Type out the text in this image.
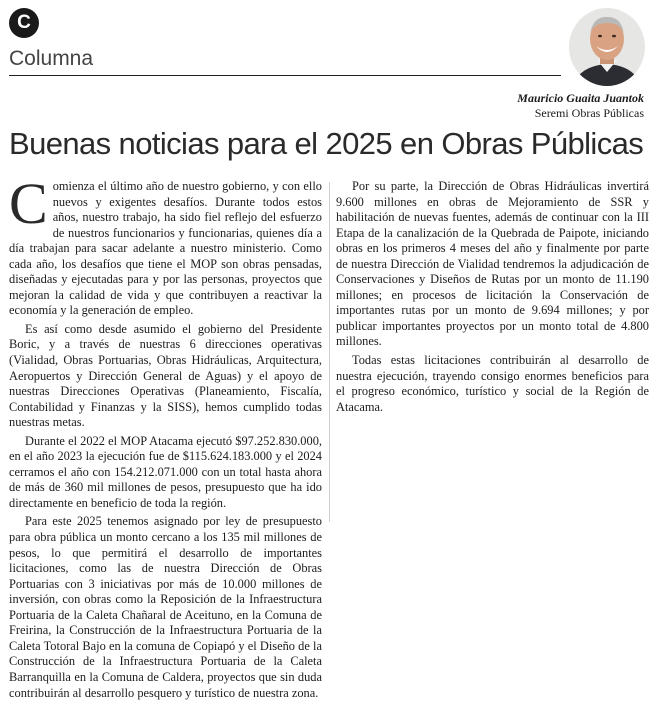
C
Columna
Mauricio Guaita Juantok
Seremi Obras Públicas
Buenas noticias para el 2025 en Obras Públicas

Comienza el último año de nuestro gobierno, y con ello nuevos y exigentes desafíos. Durante todos estos años, nuestro trabajo, ha sido fiel reflejo del esfuerzo de nuestros funcionarios y funcionarias, quienes día a día trabajan para sacar adelante a nuestro ministerio. Como cada año, los desafíos que tiene el MOP son obras pensadas, diseñadas y ejecutadas para y por las personas, proyectos que mejoran la calidad de vida y que contribuyen a reactivar la economía y la generación de empleo.

Es así como desde asumido el gobierno del Presidente Boric, y a través de nuestras 6 direcciones operativas (Vialidad, Obras Portuarias, Obras Hidráulicas, Arquitectura, Aeropuertos y Dirección General de Aguas) y el apoyo de nuestras Direcciones Operativas (Planeamiento, Fiscalía, Contabilidad y Finanzas y la SISS), hemos cumplido todas nuestras metas.

Durante el 2022 el MOP Atacama ejecutó $97.252.830.000, en el año 2023 la ejecución fue de $115.624.183.000 y el 2024 cerramos el año con 154.212.071.000 con un total hasta ahora de más de 360 mil millones de pesos, presupuesto que ha ido directamente en beneficio de toda la región.

Para este 2025 tenemos asignado por ley de presupuesto para obra pública un monto cercano a los 135 mil millones de pesos, lo que permitirá el desarrollo de importantes licitaciones, como las de nuestra Dirección de Obras Portuarias con 3 iniciativas por más de 10.000 millones de inversión, con obras como la Reposición de la Infraestructura Portuaria de la Caleta Chañaral de Aceituno, en la Comuna de Freirina, la Construcción de la Infraestructura Portuaria de la Caleta Totoral Bajo en la comuna de Copiapó y el Diseño de la Construcción de la Infraestructura Portuaria de la Caleta Barranquilla en la Comuna de Caldera, proyectos que sin duda contribuirán al desarrollo pesquero y turístico de nuestra zona.

Por su parte, la Dirección de Obras Hidráulicas invertirá 9.600 millones en obras de Mejoramiento de SSR y habilitación de nuevas fuentes, además de continuar con la III Etapa de la canalización de la Quebrada de Paipote, iniciando obras en los primeros 4 meses del año y finalmente por parte de nuestra Dirección de Vialidad tendremos la adjudicación de Conservaciones y Diseños de Rutas por un monto de 11.190 millones; en procesos de licitación la Conservación de importantes rutas por un monto de 9.694 millones; y por publicar importantes proyectos por un monto total de 4.800 millones.

Todas estas licitaciones contribuirán al desarrollo de nuestra ejecución, trayendo consigo enormes beneficios para el progreso económico, turístico y social de la Región de Atacama.
